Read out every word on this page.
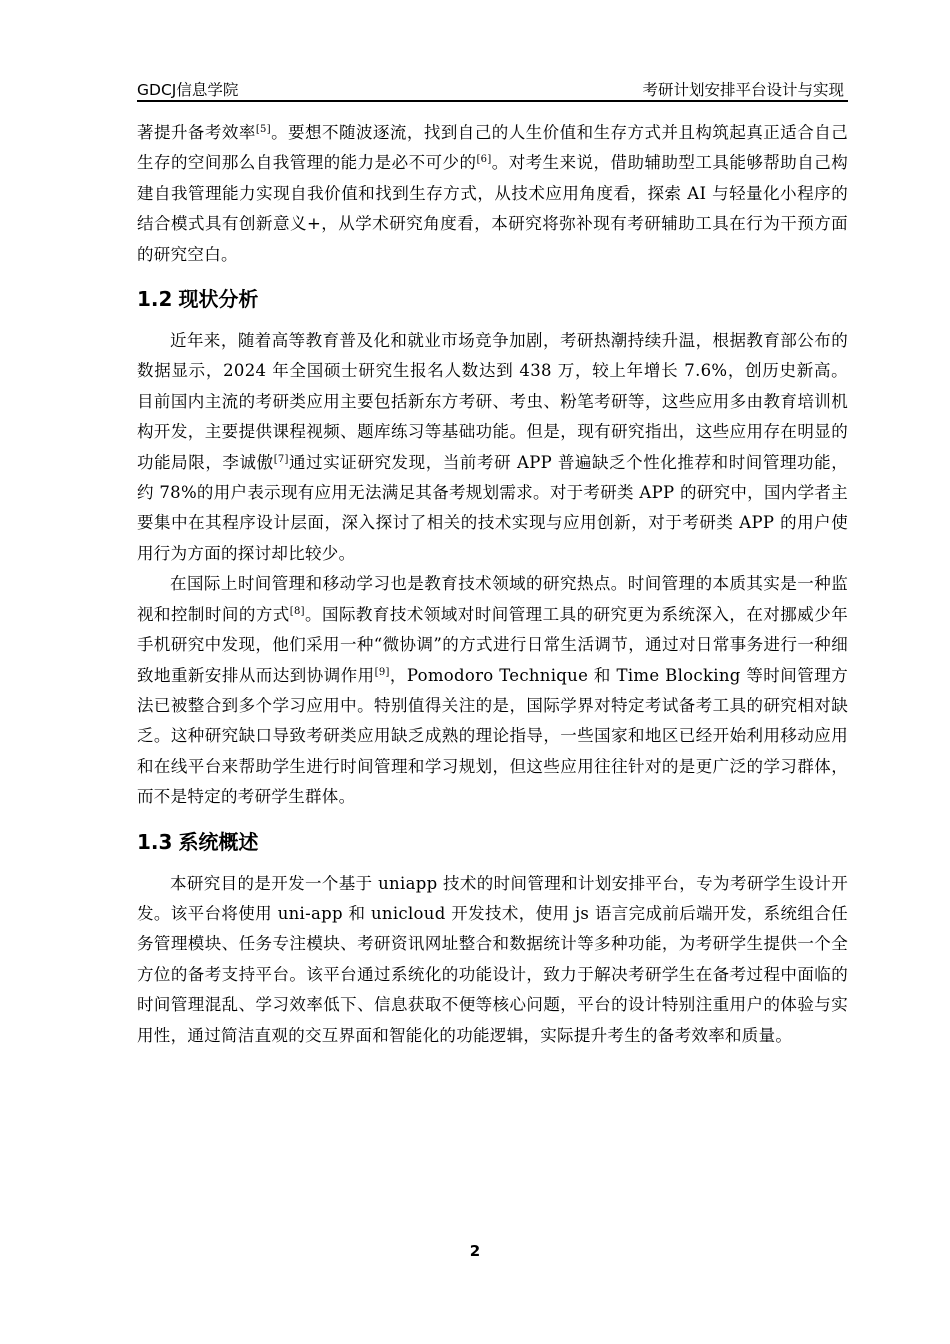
GDCJ信息学院	考研计划安排平台设计与实现

著提升备考效率[5]。要想不随波逐流，找到自己的人生价值和生存方式并且构筑起真正适合自己生存的空间那么自我管理的能力是必不可少的[6]。对考生来说，借助辅助型工具能够帮助自己构建自我管理能力实现自我价值和找到生存方式，从技术应用角度看，探索 AI 与轻量化小程序的结合模式具有创新意义+，从学术研究角度看，本研究将弥补现有考研辅助工具在行为干预方面的研究空白。

1.2 现状分析

近年来，随着高等教育普及化和就业市场竞争加剧，考研热潮持续升温，根据教育部公布的数据显示，2024 年全国硕士研究生报名人数达到 438 万，较上年增长 7.6%，创历史新高。目前国内主流的考研类应用主要包括新东方考研、考虫、粉笔考研等，这些应用多由教育培训机构开发，主要提供课程视频、题库练习等基础功能。但是，现有研究指出，这些应用存在明显的功能局限，李诚傲[7]通过实证研究发现，当前考研 APP 普遍缺乏个性化推荐和时间管理功能，约 78%的用户表示现有应用无法满足其备考规划需求。对于考研类 APP 的研究中，国内学者主要集中在其程序设计层面，深入探讨了相关的技术实现与应用创新，对于考研类 APP 的用户使用行为方面的探讨却比较少。

在国际上时间管理和移动学习也是教育技术领域的研究热点。时间管理的本质其实是一种监视和控制时间的方式[8]。国际教育技术领域对时间管理工具的研究更为系统深入，在对挪威少年手机研究中发现，他们采用一种“微协调”的方式进行日常生活调节，通过对日常事务进行一种细致地重新安排从而达到协调作用[9]，Pomodoro Technique 和 Time Blocking 等时间管理方法已被整合到多个学习应用中。特别值得关注的是，国际学界对特定考试备考工具的研究相对缺乏。这种研究缺口导致考研类应用缺乏成熟的理论指导，一些国家和地区已经开始利用移动应用和在线平台来帮助学生进行时间管理和学习规划，但这些应用往往针对的是更广泛的学习群体，而不是特定的考研学生群体。

1.3 系统概述

本研究目的是开发一个基于 uniapp 技术的时间管理和计划安排平台，专为考研学生设计开发。该平台将使用 uni-app 和 unicloud 开发技术，使用 js 语言完成前后端开发，系统组合任务管理模块、任务专注模块、考研资讯网址整合和数据统计等多种功能，为考研学生提供一个全方位的备考支持平台。该平台通过系统化的功能设计，致力于解决考研学生在备考过程中面临的时间管理混乱、学习效率低下、信息获取不便等核心问题，平台的设计特别注重用户的体验与实用性，通过简洁直观的交互界面和智能化的功能逻辑，实际提升考生的备考效率和质量。

2
